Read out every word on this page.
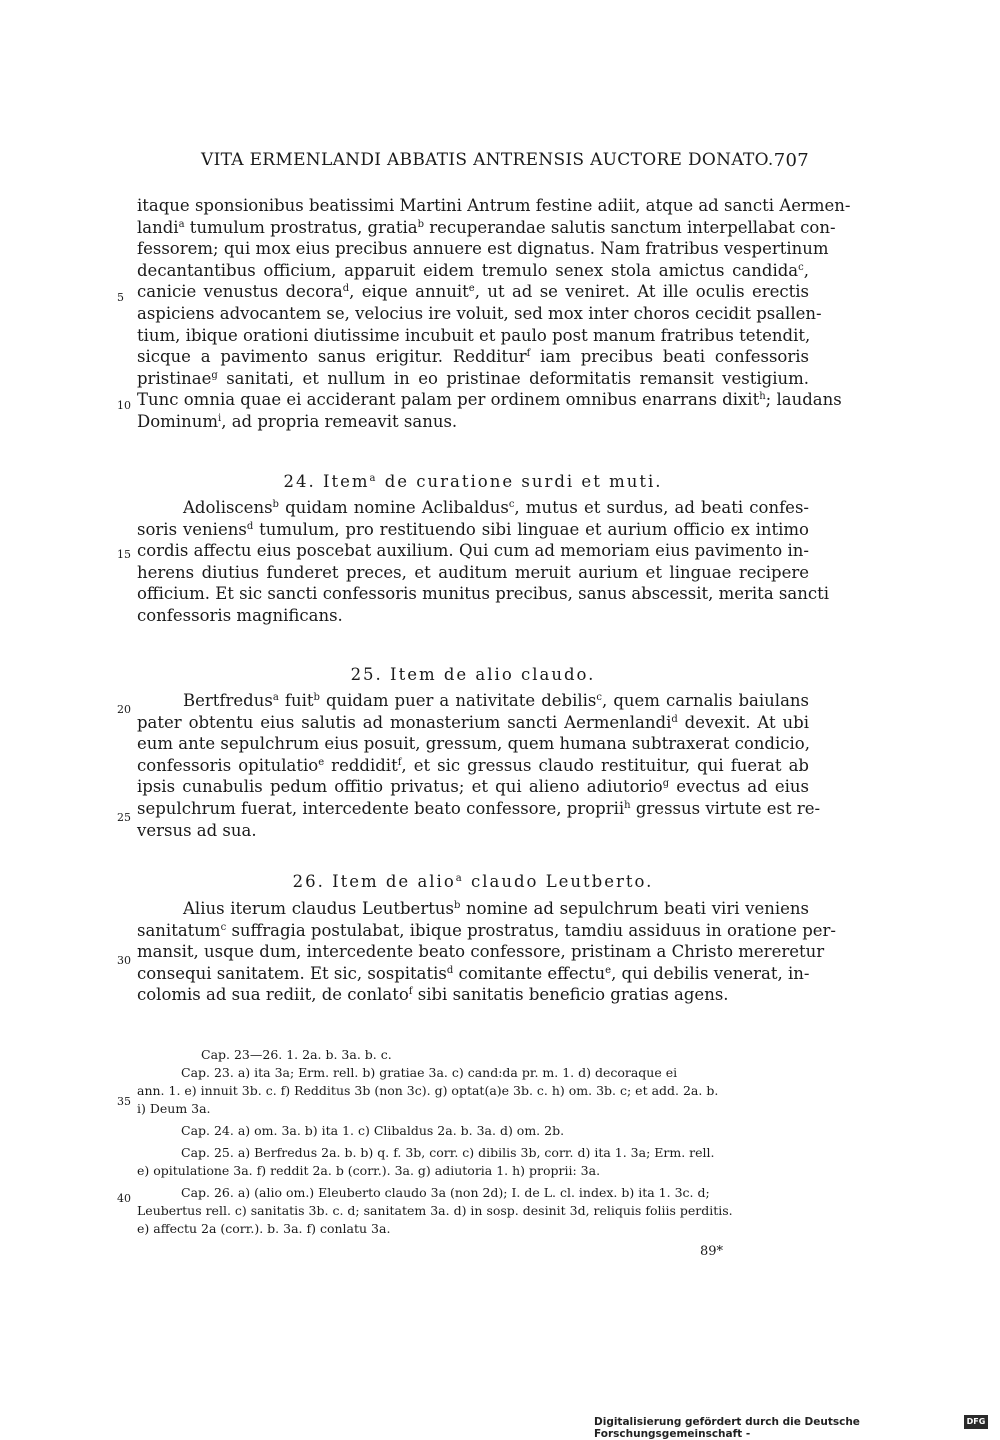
VITA ERMENLANDI ABBATIS ANTRENSIS AUCTORE DONATO. 707
itaque sponsionibus beatissimi Martini Antrum festine adiit, atque ad sancti Aermen-
landi$^a$ tumulum prostratus, gratia$^b$ recuperandae salutis sanctum interpellabat con-
fessorem; qui mox eius precibus annuere est dignatus. Nam fratribus vespertinum
decantantibus officium, apparuit eidem tremulo senex stola amictus candida$^c$,
canicie venustus decora$^d$, eique annuit$^e$, ut ad se veniret. At ille oculis erectis
aspiciens advocantem se, velocius ire voluit, sed mox inter choros cecidit psallen-
tium, ibique orationi diutissime incubuit et paulo post manum fratribus tetendit,
sicque a pavimento sanus erigitur. Redditur$^f$ iam precibus beati confessoris
pristinae$^g$ sanitati, et nullum in eo pristinae deformitatis remansit vestigium.
Tunc omnia quae ei acciderant palam per ordinem omnibus enarrans dixit$^h$; laudans
Dominum$^i$, ad propria remeavit sanus.
24. Item$^a$ de curatione surdi et muti.
Adoliscens$^b$ quidam nomine Aclibaldus$^c$, mutus et surdus, ad beati confes-
soris veniens$^d$ tumulum, pro restituendo sibi linguae et aurium officio ex intimo
cordis affectu eius poscebat auxilium. Qui cum ad memoriam eius pavimento in-
herens diutius funderet preces, et auditum meruit aurium et linguae recipere
officium. Et sic sancti confessoris munitus precibus, sanus abscessit, merita sancti
confessoris magnificans.
25. Item de alio claudo.
Bertfredus$^a$ fuit$^b$ quidam puer a nativitate debilis$^c$, quem carnalis baiulans
pater obtentu eius salutis ad monasterium sancti Aermenlandi$^d$ devexit. At ubi
eum ante sepulchrum eius posuit, gressum, quem humana subtraxerat condicio,
confessoris opitulatio$^e$ reddidit$^f$, et sic gressus claudo restituitur, qui fuerat ab
ipsis cunabulis pedum offitio privatus; et qui alieno adiutorio$^g$ evectus ad eius
sepulchrum fuerat, intercedente beato confessore, proprii$^h$ gressus virtute est re-
versus ad sua.
26. Item de alio$^a$ claudo Leutberto.
Alius iterum claudus Leutbertus$^b$ nomine ad sepulchrum beati viri veniens
sanitatum$^c$ suffragia postulabat, ibique prostratus, tamdiu assiduus in oratione per-
mansit, usque dum, intercedente beato confessore, pristinam a Christo mereretur
consequi sanitatem. Et sic, sospitatis$^d$ comitante effectu$^e$, qui debilis venerat, in-
colomis ad sua rediit, de conlato$^f$ sibi sanitatis beneficio gratias agens.
5
10
15
20
25
30
35
40
Cap. 23—26. 1. 2a. b. 3a. b. c.
Cap. 23. a) ita 3a; Erm. rell. b) gratiae 3a. c) cand:da pr. m. 1. d) decoraque ei
ann. 1. e) innuit 3b. c. f) Redditus 3b (non 3c). g) optat(a)e 3b. c. h) om. 3b. c; et add. 2a. b.
i) Deum 3a.
Cap. 24. a) om. 3a. b) ita 1. c) Clibaldus 2a. b. 3a. d) om. 2b.
Cap. 25. a) Berfredus 2a. b. b) q. f. 3b, corr. c) dibilis 3b, corr. d) ita 1. 3a; Erm. rell.
e) opitulatione 3a. f) reddit 2a. b (corr.). 3a. g) adiutoria 1. h) proprii: 3a.
Cap. 26. a) (alio om.) Eleuberto claudo 3a (non 2d); I. de L. cl. index. b) ita 1. 3c. d;
Leubertus rell. c) sanitatis 3b. c. d; sanitatem 3a. d) in sosp. desinit 3d, reliquis foliis perditis.
e) affectu 2a (corr.). b. 3a. f) conlatu 3a.
89*
Digitalisierung gefördert durch die Deutsche Forschungsgemeinschaft -
DFG
